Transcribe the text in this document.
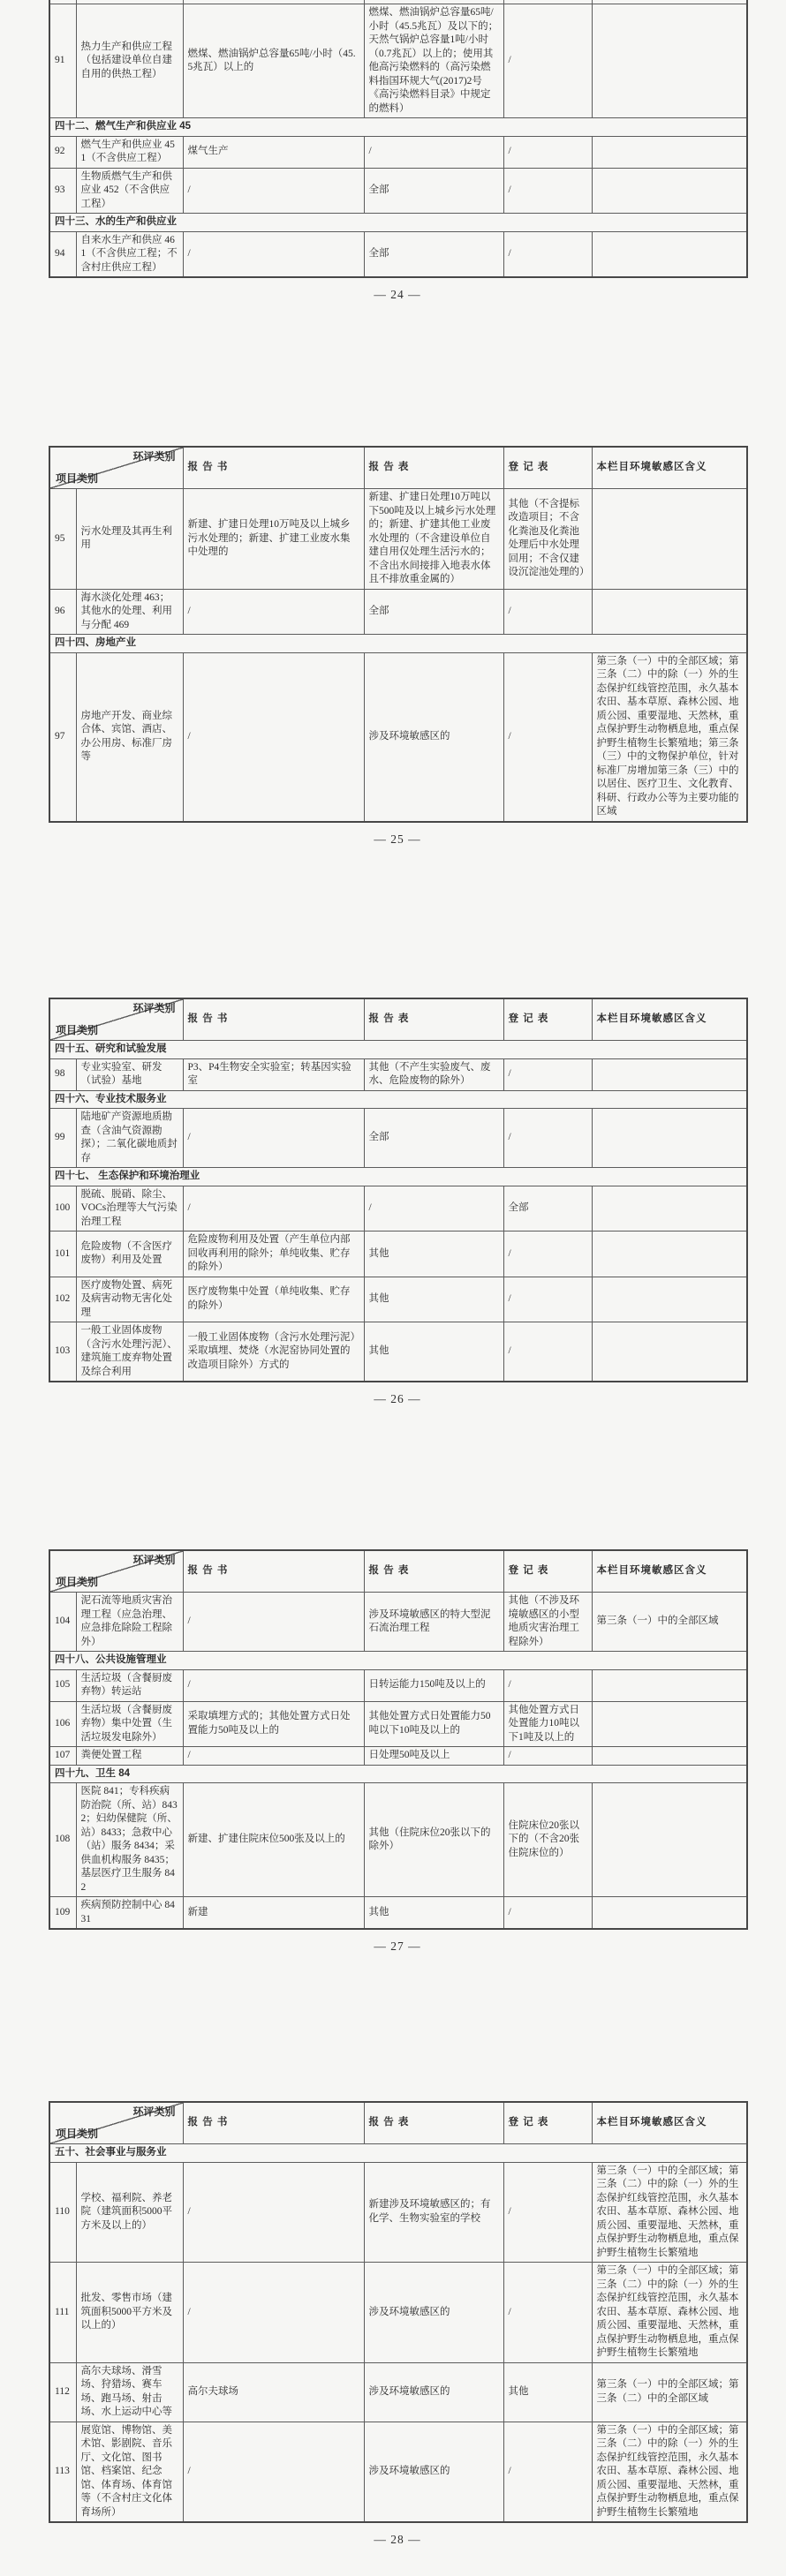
91	热力生产和供应工程（包括建设单位自建自用的供热工程）	燃煤、燃油锅炉总容量65吨/小时（45.5兆瓦）以上的	燃煤、燃油锅炉总容量65吨/小时（45.5兆瓦）及以下的；天然气锅炉总容量1吨/小时（0.7兆瓦）以上的；使用其他高污染燃料的（高污染燃料指国环规大气(2017)2号《高污染燃料目录》中规定的燃料）	/	
四十二、燃气生产和供应业 45					
92	燃气生产和供应业 451（不含供应工程）	煤气生产	/	/	
93	生物质燃气生产和供应业 452（不含供应工程）	/	全部	/	
四十三、水的生产和供应业					
94	自来水生产和供应 461（不含供应工程；不含村庄供应工程）	/	全部	/	
— 24 —
环评类别
项目类别		报 告 书	报 告 表	登 记 表	本栏目环境敏感区含义
95	污水处理及其再生利用	新建、扩建日处理10万吨及以上城乡污水处理的；新建、扩建工业废水集中处理的	新建、扩建日处理10万吨以下500吨及以上城乡污水处理的；新建、扩建其他工业废水处理的（不含建设单位自建自用仅处理生活污水的；不含出水间接排入地表水体且不排放重金属的）	其他（不含提标改造项目；不含化粪池及化粪池处理后中水处理回用；不含仅建设沉淀池处理的）	
96	海水淡化处理 463；其他水的处理、利用与分配 469	/	全部	/	
四十四、房地产业					
97	房地产开发、商业综合体、宾馆、酒店、办公用房、标准厂房等	/	涉及环境敏感区的	/	第三条（一）中的全部区域；第三条（二）中的除（一）外的生态保护红线管控范围，永久基本农田、基本草原、森林公园、地质公园、重要湿地、天然林，重点保护野生动物栖息地，重点保护野生植物生长繁殖地；第三条（三）中的文物保护单位，针对标准厂房增加第三条（三）中的以居住、医疗卫生、文化教育、科研、行政办公等为主要功能的区域
— 25 —
环评类别
项目类别		报 告 书	报 告 表	登 记 表	本栏目环境敏感区含义
四十五、研究和试验发展					
98	专业实验室、研发（试验）基地	P3、P4生物安全实验室；转基因实验室	其他（不产生实验废气、废水、危险废物的除外）	/	
四十六、专业技术服务业					
99	陆地矿产资源地质勘查（含油气资源勘探）；二氧化碳地质封存	/	全部	/	
四十七、 生态保护和环境治理业					
100	脱硫、脱硝、除尘、VOCs治理等大气污染治理工程	/	/	全部	
101	危险废物（不含医疗废物）利用及处置	危险废物利用及处置（产生单位内部回收再利用的除外；单纯收集、贮存的除外）	其他	/	
102	医疗废物处置、病死及病害动物无害化处理	医疗废物集中处置（单纯收集、贮存的除外）	其他	/	
103	一般工业固体废物（含污水处理污泥）、建筑施工废弃物处置及综合利用	一般工业固体废物（含污水处理污泥）采取填埋、焚烧（水泥窑协同处置的改造项目除外）方式的	其他	/	
— 26 —
环评类别
项目类别		报 告 书	报 告 表	登 记 表	本栏目环境敏感区含义
104	泥石流等地质灾害治理工程（应急治理、应急排危除险工程除外）	/	涉及环境敏感区的特大型泥石流治理工程	其他（不涉及环境敏感区的小型地质灾害治理工程除外）	第三条（一）中的全部区域
四十八、公共设施管理业					
105	生活垃圾（含餐厨废弃物）转运站	/	日转运能力150吨及以上的	/	
106	生活垃圾（含餐厨废弃物）集中处置（生活垃圾发电除外）	采取填埋方式的；其他处置方式日处置能力50吨及以上的	其他处置方式日处置能力50吨以下10吨及以上的	其他处置方式日处置能力10吨以下1吨及以上的	
107	粪便处置工程	/	日处理50吨及以上	/	
四十九、卫生 84					
108	医院 841；专科疾病防治院（所、站）8432；妇幼保健院（所、站）8433；急救中心（站）服务 8434；采供血机构服务 8435；基层医疗卫生服务 842	新建、扩建住院床位500张及以上的	其他（住院床位20张以下的除外）	住院床位20张以下的（不含20张住院床位的）	
109	疾病预防控制中心 8431	新建	其他	/	
— 27 —
环评类别
项目类别		报 告 书	报 告 表	登 记 表	本栏目环境敏感区含义
五十、社会事业与服务业					
110	学校、福利院、养老院（建筑面积5000平方米及以上的）	/	新建涉及环境敏感区的；有化学、生物实验室的学校	/	第三条（一）中的全部区域；第三条（二）中的除（一）外的生态保护红线管控范围，永久基本农田、基本草原、森林公园、地质公园、重要湿地、天然林，重点保护野生动物栖息地，重点保护野生植物生长繁殖地
111	批发、零售市场（建筑面积5000平方米及以上的）	/	涉及环境敏感区的	/	第三条（一）中的全部区域；第三条（二）中的除（一）外的生态保护红线管控范围，永久基本农田、基本草原、森林公园、地质公园、重要湿地、天然林，重点保护野生动物栖息地，重点保护野生植物生长繁殖地
112	高尔夫球场、滑雪场、狩猎场、赛车场、跑马场、射击场、水上运动中心等	高尔夫球场	涉及环境敏感区的	其他	第三条（一）中的全部区域；第三条（二）中的全部区域
113	展览馆、博物馆、美术馆、影剧院、音乐厅、文化馆、图书馆、档案馆、纪念馆、体育场、体育馆等（不含村庄文化体育场所）	/	涉及环境敏感区的	/	第三条（一）中的全部区域；第三条（二）中的除（一）外的生态保护红线管控范围，永久基本农田、基本草原、森林公园、地质公园、重要湿地、天然林，重点保护野生动物栖息地，重点保护野生植物生长繁殖地
— 28 —
